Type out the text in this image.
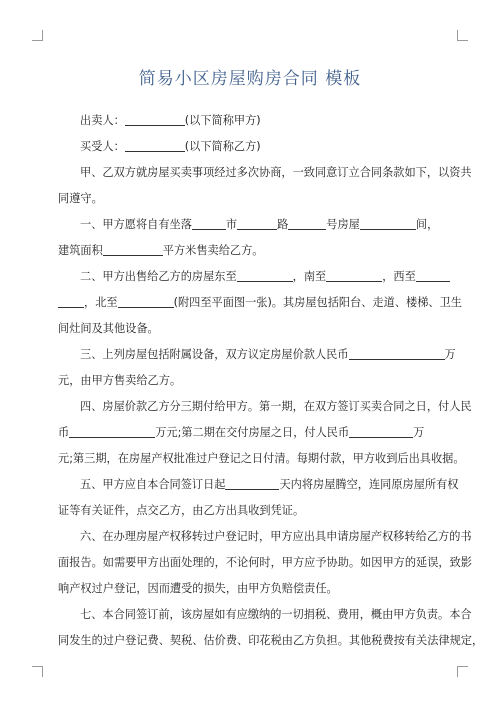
简易小区房屋购房合同 模板

出卖人：	(以下简称甲方)

买受人：	(以下简称乙方)

甲、乙双方就房屋买卖事项经过多次协商，一致同意订立合同条款如下，以资共

同遵守。

一、甲方愿将自有坐落	市	路	号房屋	间，

建筑面积	平方米售卖给乙方。

二、甲方出售给乙方的房屋东至	，南至	，西至

，北至	(附四至平面图一张)。其房屋包括阳台、走道、楼梯、卫生

间灶间及其他设备。

三、上列房屋包括附属设备，双方议定房屋价款人民币	万

元，由甲方售卖给乙方。

四、房屋价款乙方分三期付给甲方。第一期，在双方签订买卖合同之日，付人民

币	万元;第二期在交付房屋之日，付人民币	万

元;第三期，在房屋产权批准过户登记之日付清。每期付款，甲方收到后出具收据。

五、甲方应自本合同签订日起	天内将房屋腾空，连同原房屋所有权

证等有关证件，点交乙方，由乙方出具收到凭证。

六、在办理房屋产权移转过户登记时，甲方应出具申请房屋产权移转给乙方的书

面报告。如需要甲方出面处理的，不论何时，甲方应予协助。如因甲方的延误，致影

响产权过户登记，因而遭受的损失，由甲方负赔偿责任。

七、本合同签订前，该房屋如有应缴纳的一切捐税、费用，概由甲方负责。本合

同发生的过户登记费、契税、估价费、印花税由乙方负担。其他税费按有关法律规定，
